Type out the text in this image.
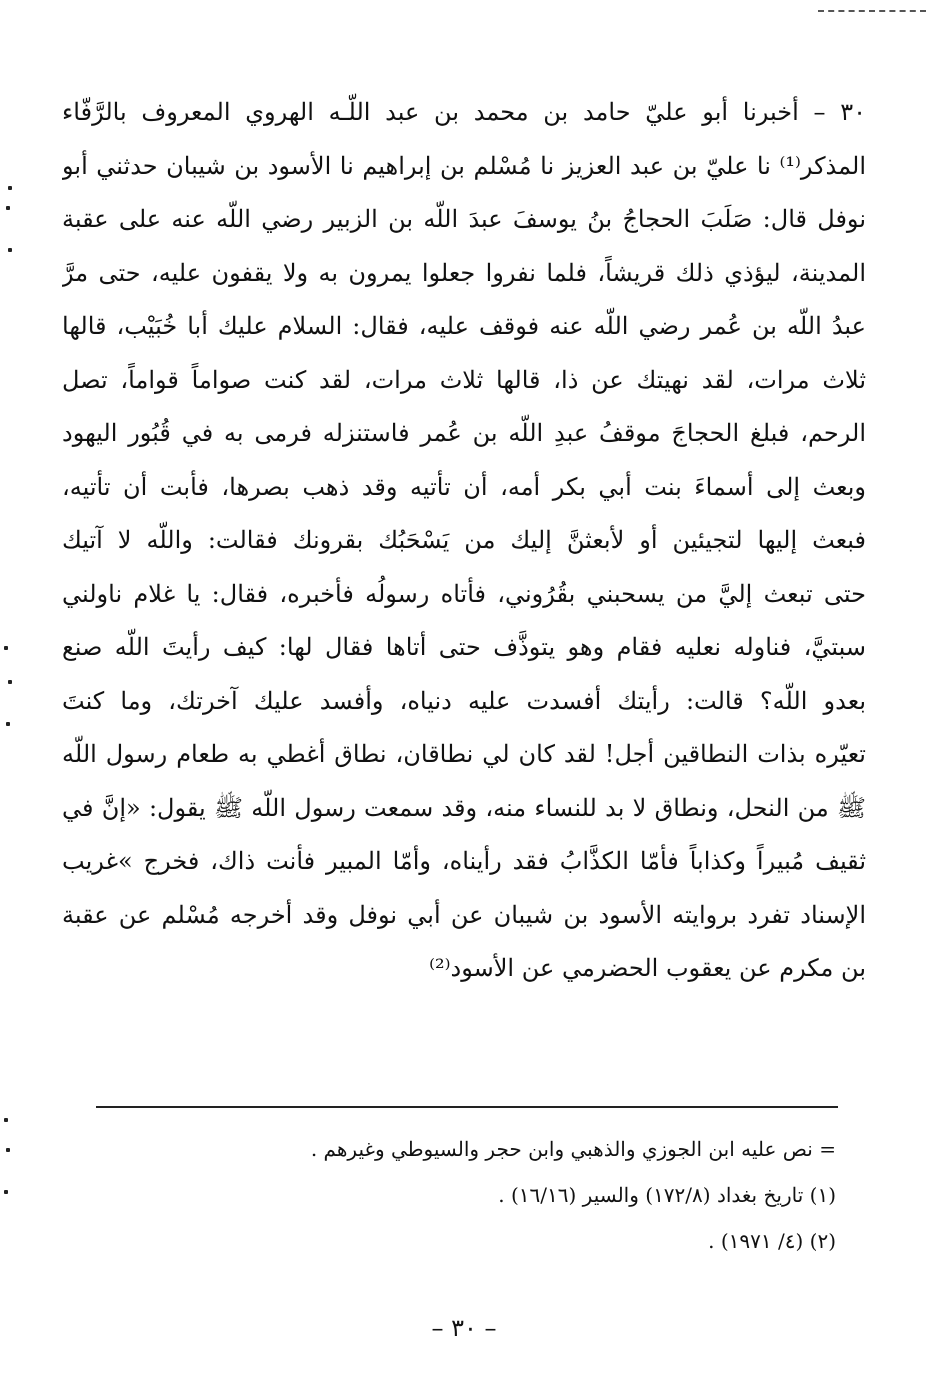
٣٠ – أخبرنا أبو عليّ حامد بن محمد بن عبد اللّـه الهروي المعروف بالرَّفّاء
المذكر⁽¹⁾ نا عليّ بن عبد العزيز نا مُسْلم بن إبراهيم نا الأسود بن شيبان حدثني أبو
نوفل قال: صَلَبَ الحجاجُ بنُ يوسفَ عبدَ اللّه بن الزبير رضي اللّه عنه على عقبة
المدينة، ليؤذي ذلك قريشاً، فلما نفروا جعلوا يمرون به ولا يقفون عليه، حتى مرَّ
عبدُ اللّه بن عُمر رضي اللّه عنه فوقف عليه، فقال: السلام عليك أبا خُبَيْب، قالها
ثلاث مرات، لقد نهيتك عن ذا، قالها ثلاث مرات، لقد كنت صواماً قواماً، تصل
الرحم، فبلغ الحجاجَ موقفُ عبدِ اللّه بن عُمر فاستنزله فرمى به في قُبُور اليهود
وبعث إلى أسماءَ بنت أبي بكر أمه، أن تأتيه وقد ذهب بصرها، فأبت أن تأتيه،
فبعث إليها لتجيئين أو لأبعثنَّ إليك من يَسْحَبُك بقرونك فقالت: واللّه لا آتيك
حتى تبعث إليَّ من يسحبني بقُرُوني، فأتاه رسولُه فأخبره، فقال: يا غلام ناولني
سبتيَّ، فناوله نعليه فقام وهو يتوذَّف حتى أتاها فقال لها: كيف رأيتَ اللّه صنع
بعدو اللّه؟ قالت: رأيتك أفسدت عليه دنياه، وأفسد عليك آخرتك، وما كنتَ
تعيّره بذات النطاقين أجل! لقد كان لي نطاقان، نطاق أغطي به طعام رسول اللّه
ﷺ من النحل، ونطاق لا بد للنساء منه، وقد سمعت رسول اللّه ﷺ يقول: «إنَّ في
ثقيف مُبيراً وكذاباً فأمّا الكذَّابُ فقد رأيناه، وأمّا المبير فأنت ذاك، فخرج »غريب
الإسناد تفرد بروايته الأسود بن شيبان عن أبي نوفل وقد أخرجه مُسْلم عن عقبة
بن مكرم عن يعقوب الحضرمي عن الأسود⁽²⁾
= نص عليه ابن الجوزي والذهبي وابن حجر والسيوطي وغيرهم .
(١) تاريخ بغداد (١٧٢/٨) والسير (١٦/١٦) .
(٢) (٤/ ١٩٧١) .
– ٣٠ –
